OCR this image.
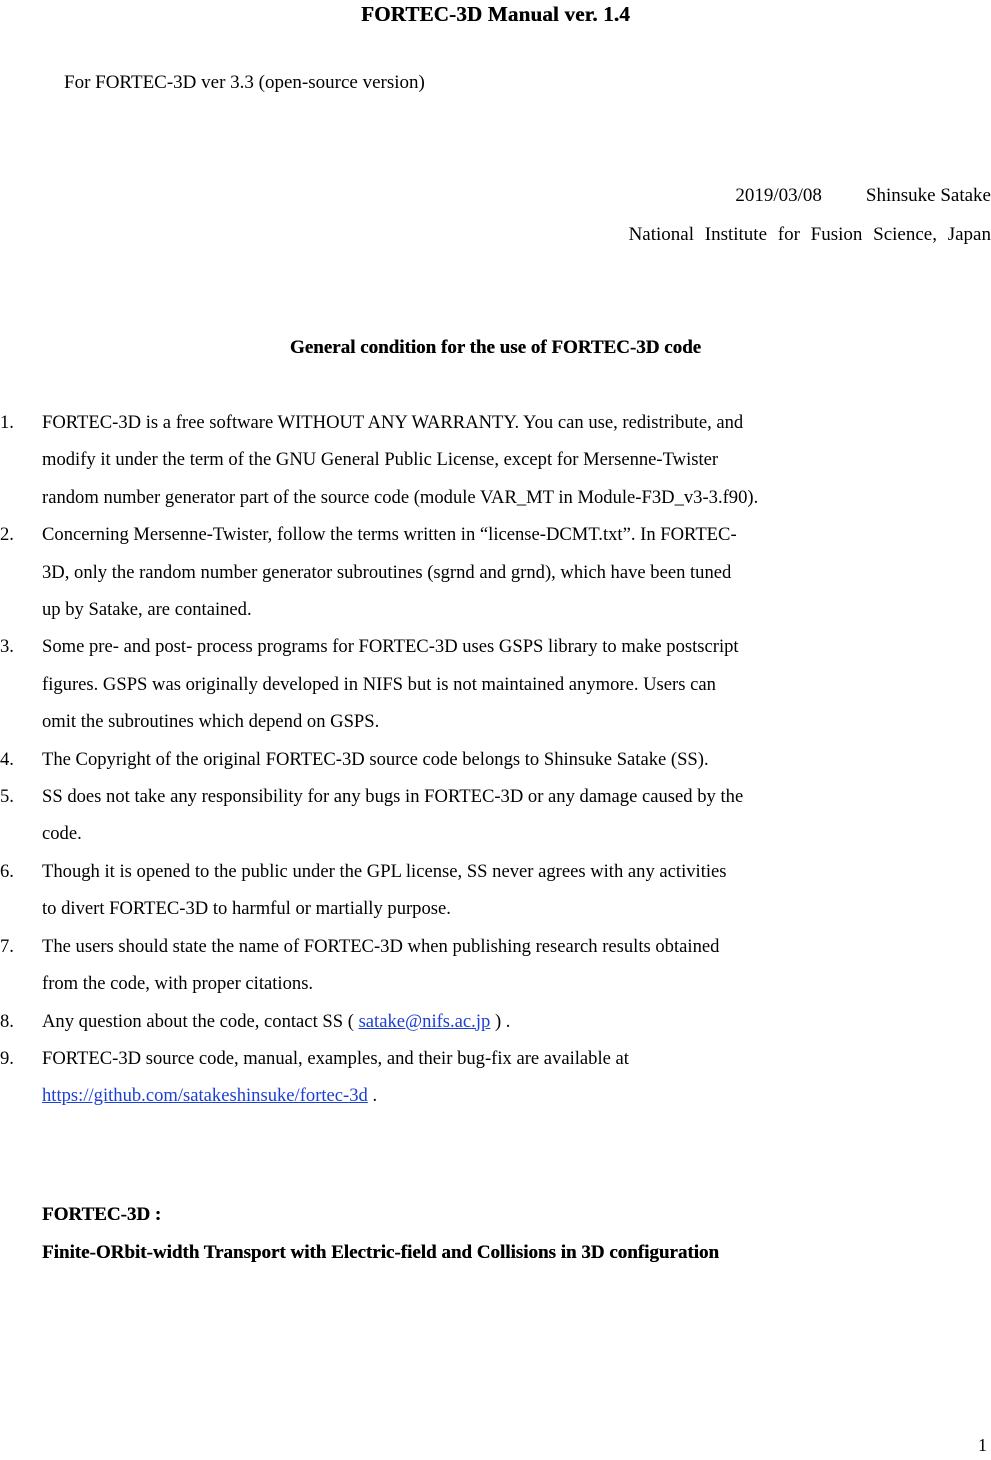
FORTEC-3D Manual ver. 1.4
For FORTEC-3D ver 3.3 (open-source version)
2019/03/08 Shinsuke Satake
National Institute for Fusion Science, Japan
General condition for the use of FORTEC-3D code
1. FORTEC-3D is a free software WITHOUT ANY WARRANTY. You can use, redistribute, and
modify it under the term of the GNU General Public License, except for Mersenne-Twister
random number generator part of the source code (module VAR_MT in Module-F3D_v3-3.f90).
2. Concerning Mersenne-Twister, follow the terms written in “license-DCMT.txt”. In FORTEC-
3D, only the random number generator subroutines (sgrnd and grnd), which have been tuned
up by Satake, are contained.
3. Some pre- and post- process programs for FORTEC-3D uses GSPS library to make postscript
figures. GSPS was originally developed in NIFS but is not maintained anymore. Users can
omit the subroutines which depend on GSPS.
4. The Copyright of the original FORTEC-3D source code belongs to Shinsuke Satake (SS).
5. SS does not take any responsibility for any bugs in FORTEC-3D or any damage caused by the
code.
6. Though it is opened to the public under the GPL license, SS never agrees with any activities
to divert FORTEC-3D to harmful or martially purpose.
7. The users should state the name of FORTEC-3D when publishing research results obtained
from the code, with proper citations.
8. Any question about the code, contact SS ( satake@nifs.ac.jp ) .
9. FORTEC-3D source code, manual, examples, and their bug-fix are available at
https://github.com/satakeshinsuke/fortec-3d .
FORTEC-3D :
Finite-ORbit-width Transport with Electric-field and Collisions in 3D configuration
1
